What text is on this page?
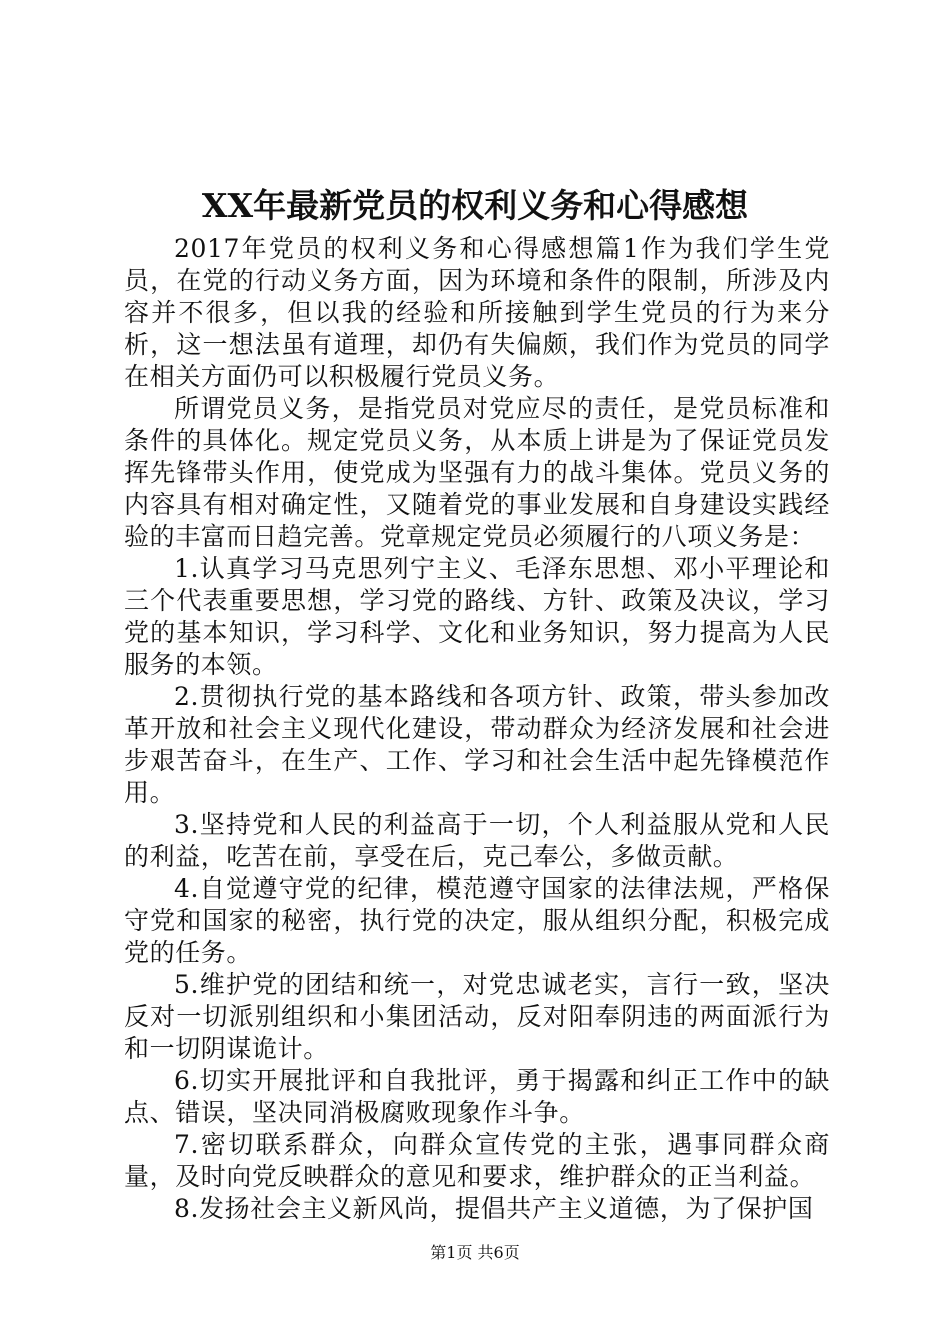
XX年最新党员的权利义务和心得感想

2017年党员的权利义务和心得感想篇1作为我们学生党员，在党的行动义务方面，因为环境和条件的限制，所涉及内容并不很多，但以我的经验和所接触到学生党员的行为来分析，这一想法虽有道理，却仍有失偏颇，我们作为党员的同学在相关方面仍可以积极履行党员义务。

所谓党员义务，是指党员对党应尽的责任，是党员标准和条件的具体化。规定党员义务，从本质上讲是为了保证党员发挥先锋带头作用，使党成为坚强有力的战斗集体。党员义务的内容具有相对确定性，又随着党的事业发展和自身建设实践经验的丰富而日趋完善。党章规定党员必须履行的八项义务是：

1.认真学习马克思列宁主义、毛泽东思想、邓小平理论和三个代表重要思想，学习党的路线、方针、政策及决议，学习党的基本知识，学习科学、文化和业务知识，努力提高为人民服务的本领。

2.贯彻执行党的基本路线和各项方针、政策，带头参加改革开放和社会主义现代化建设，带动群众为经济发展和社会进步艰苦奋斗，在生产、工作、学习和社会生活中起先锋模范作用。

3.坚持党和人民的利益高于一切，个人利益服从党和人民的利益，吃苦在前，享受在后，克己奉公，多做贡献。

4.自觉遵守党的纪律，模范遵守国家的法律法规，严格保守党和国家的秘密，执行党的决定，服从组织分配，积极完成党的任务。

5.维护党的团结和统一，对党忠诚老实，言行一致，坚决反对一切派别组织和小集团活动，反对阳奉阴违的两面派行为和一切阴谋诡计。

6.切实开展批评和自我批评，勇于揭露和纠正工作中的缺点、错误，坚决同消极腐败现象作斗争。

7.密切联系群众，向群众宣传党的主张，遇事同群众商量，及时向党反映群众的意见和要求，维护群众的正当利益。

8.发扬社会主义新风尚，提倡共产主义道德，为了保护国

第1页 共6页
